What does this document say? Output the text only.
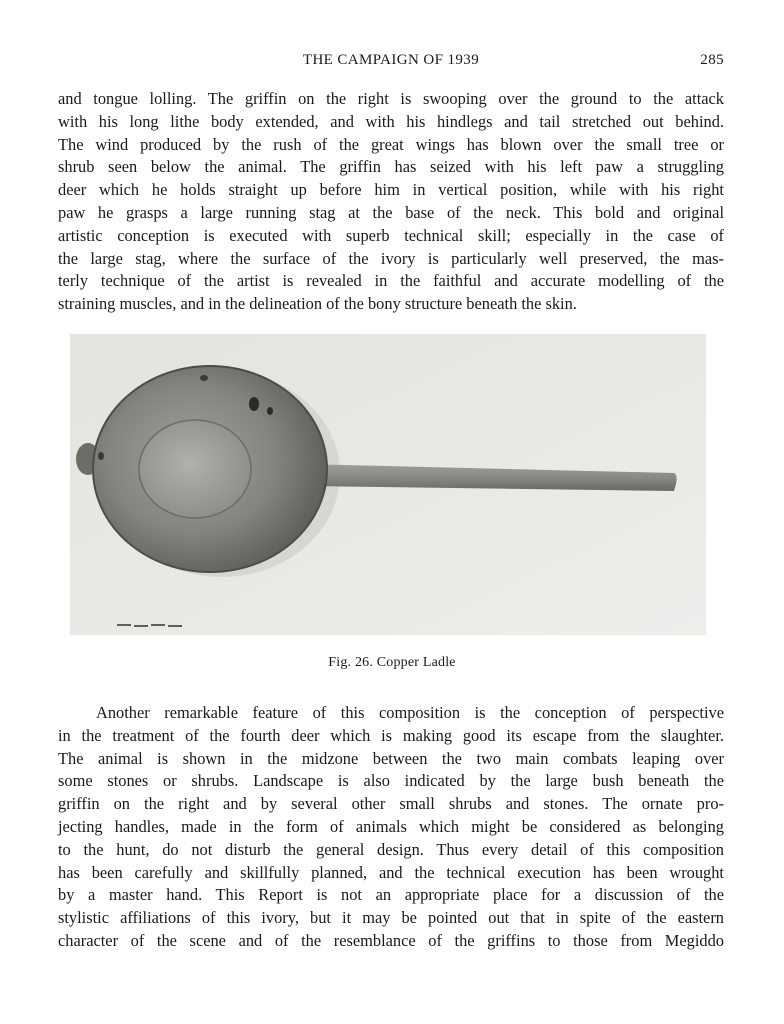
THE CAMPAIGN OF 1939	285

and tongue lolling. The griffin on the right is swooping over the ground to the attack
with his long lithe body extended, and with his hindlegs and tail stretched out behind.
The wind produced by the rush of the great wings has blown over the small tree or
shrub seen below the animal. The griffin has seized with his left paw a struggling
deer which he holds straight up before him in vertical position, while with his right
paw he grasps a large running stag at the base of the neck. This bold and original
artistic conception is executed with superb technical skill; especially in the case of
the large stag, where the surface of the ivory is particularly well preserved, the mas-
terly technique of the artist is revealed in the faithful and accurate modelling of the
straining muscles, and in the delineation of the bony structure beneath the skin.

Fig. 26. Copper Ladle

Another remarkable feature of this composition is the conception of perspective
in the treatment of the fourth deer which is making good its escape from the slaughter.
The animal is shown in the midzone between the two main combats leaping over
some stones or shrubs. Landscape is also indicated by the large bush beneath the
griffin on the right and by several other small shrubs and stones. The ornate pro-
jecting handles, made in the form of animals which might be considered as belonging
to the hunt, do not disturb the general design. Thus every detail of this composition
has been carefully and skillfully planned, and the technical execution has been wrought
by a master hand. This Report is not an appropriate place for a discussion of the
stylistic affiliations of this ivory, but it may be pointed out that in spite of the eastern
character of the scene and of the resemblance of the griffins to those from Megiddo
